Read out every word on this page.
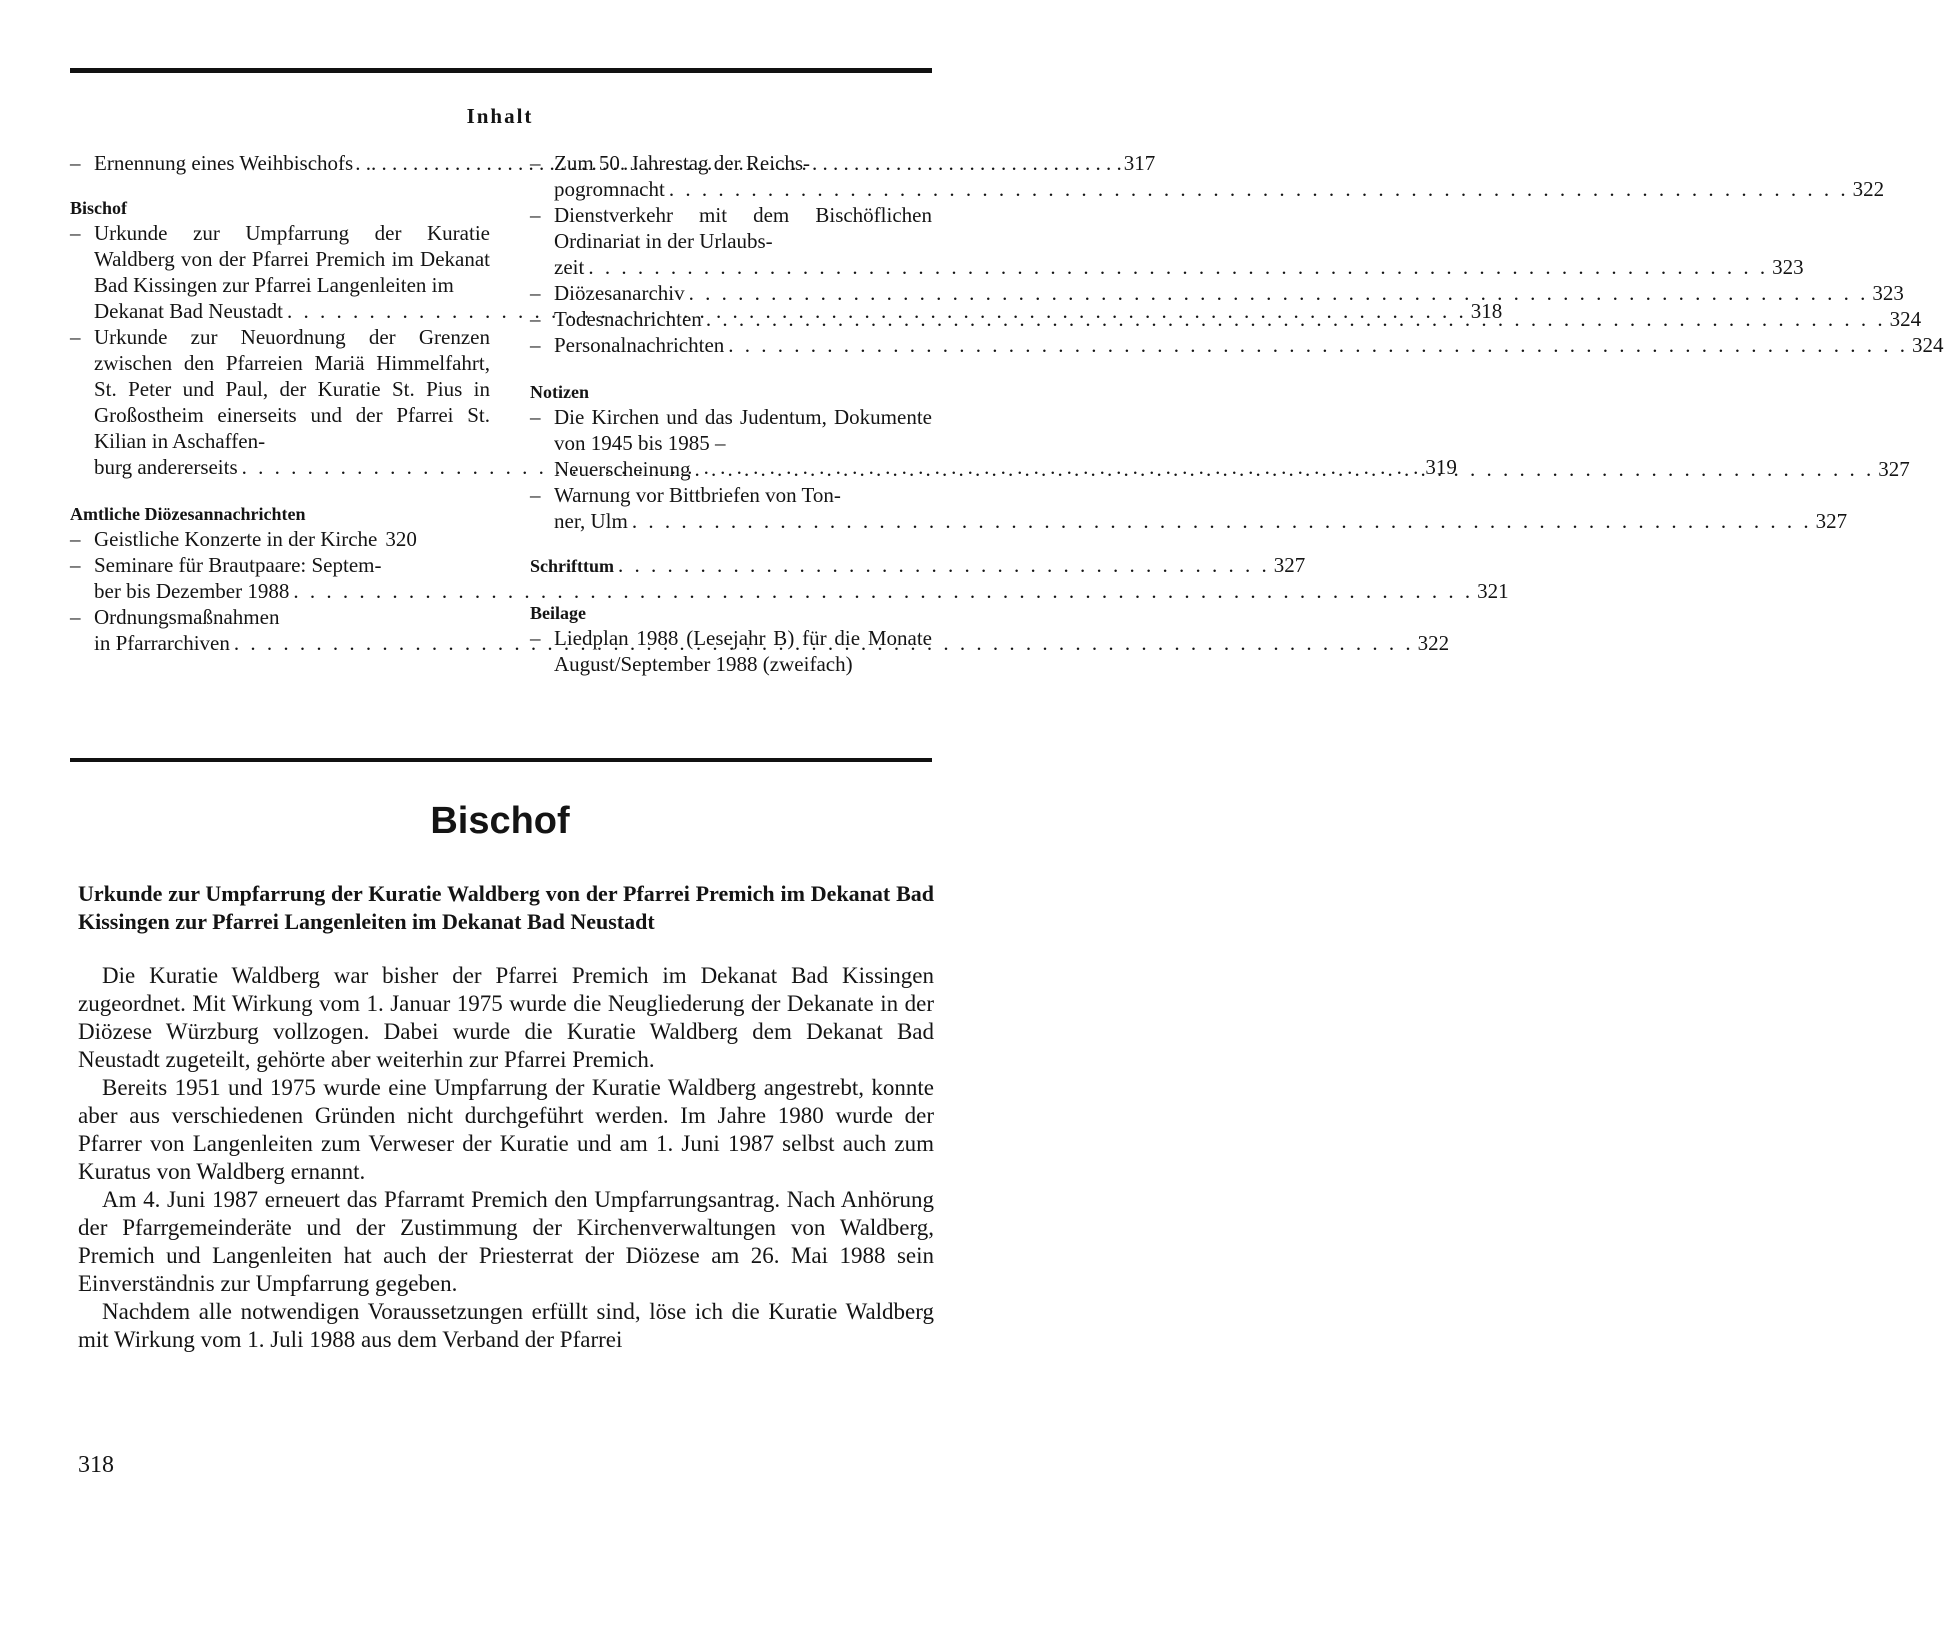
Inhalt
– Ernennung eines Weihbischofs . . . . .	317
Bischof
– Urkunde zur Umpfarrung der Kuratie Waldberg von der Pfarrei Premich im Dekanat Bad Kissingen zur Pfarrei Langenleiten im
Dekanat Bad Neustadt . . .	318
– Urkunde zur Neuordnung der Grenzen zwischen den Pfarreien Mariä Himmelfahrt, St. Peter und Paul, der Kuratie St. Pius in Großostheim einerseits und der Pfarrei St. Kilian in Aschaffen-
burg andererseits . . .	319
Amtliche Diözesannachrichten
– Geistliche Konzerte in der Kirche 320
– Seminare für Brautpaare: Septem-
ber bis Dezember 1988 . . .	321
– Ordnungsmaßnahmen
in Pfarrarchiven . . .	322
– Zum 50. Jahrestag der Reichs-
pogromnacht . . .	322
– Dienstverkehr mit dem Bischöflichen Ordinariat in der Urlaubs-
zeit . . .	323
– Diözesanarchiv . . .	323
– Todesnachrichten . . .	324
– Personalnachrichten . . .	324
Notizen
– Die Kirchen und das Judentum, Dokumente von 1945 bis 1985 –
Neuerscheinung . . .	327
– Warnung vor Bittbriefen von Ton-
ner, Ulm . . .	327
Schrifttum . . . . . . . . . . . . . . . . . . . . . . . . . . . . . . . . . . . . . . . . 327
Beilage
– Liedplan 1988 (Lesejahr B) für die Monate August/September 1988 (zweifach)
Bischof
Urkunde zur Umpfarrung der Kuratie Waldberg von der Pfarrei Premich im Dekanat Bad Kissingen zur Pfarrei Langenleiten im Dekanat Bad Neustadt

Die Kuratie Waldberg war bisher der Pfarrei Premich im Dekanat Bad Kissingen zugeordnet. Mit Wirkung vom 1. Januar 1975 wurde die Neugliederung der Dekanate in der Diözese Würzburg vollzogen. Dabei wurde die Kuratie Waldberg dem Dekanat Bad Neustadt zugeteilt, gehörte aber weiterhin zur Pfarrei Premich.

Bereits 1951 und 1975 wurde eine Umpfarrung der Kuratie Waldberg angestrebt, konnte aber aus verschiedenen Gründen nicht durchgeführt werden. Im Jahre 1980 wurde der Pfarrer von Langenleiten zum Verweser der Kuratie und am 1. Juni 1987 selbst auch zum Kuratus von Waldberg ernannt.

Am 4. Juni 1987 erneuert das Pfarramt Premich den Umpfarrungsantrag. Nach Anhörung der Pfarrgemeinderäte und der Zustimmung der Kirchenverwaltungen von Waldberg, Premich und Langenleiten hat auch der Priesterrat der Diözese am 26. Mai 1988 sein Einverständnis zur Umpfarrung gegeben.

Nachdem alle notwendigen Voraussetzungen erfüllt sind, löse ich die Kuratie Waldberg mit Wirkung vom 1. Juli 1988 aus dem Verband der Pfarrei

318
